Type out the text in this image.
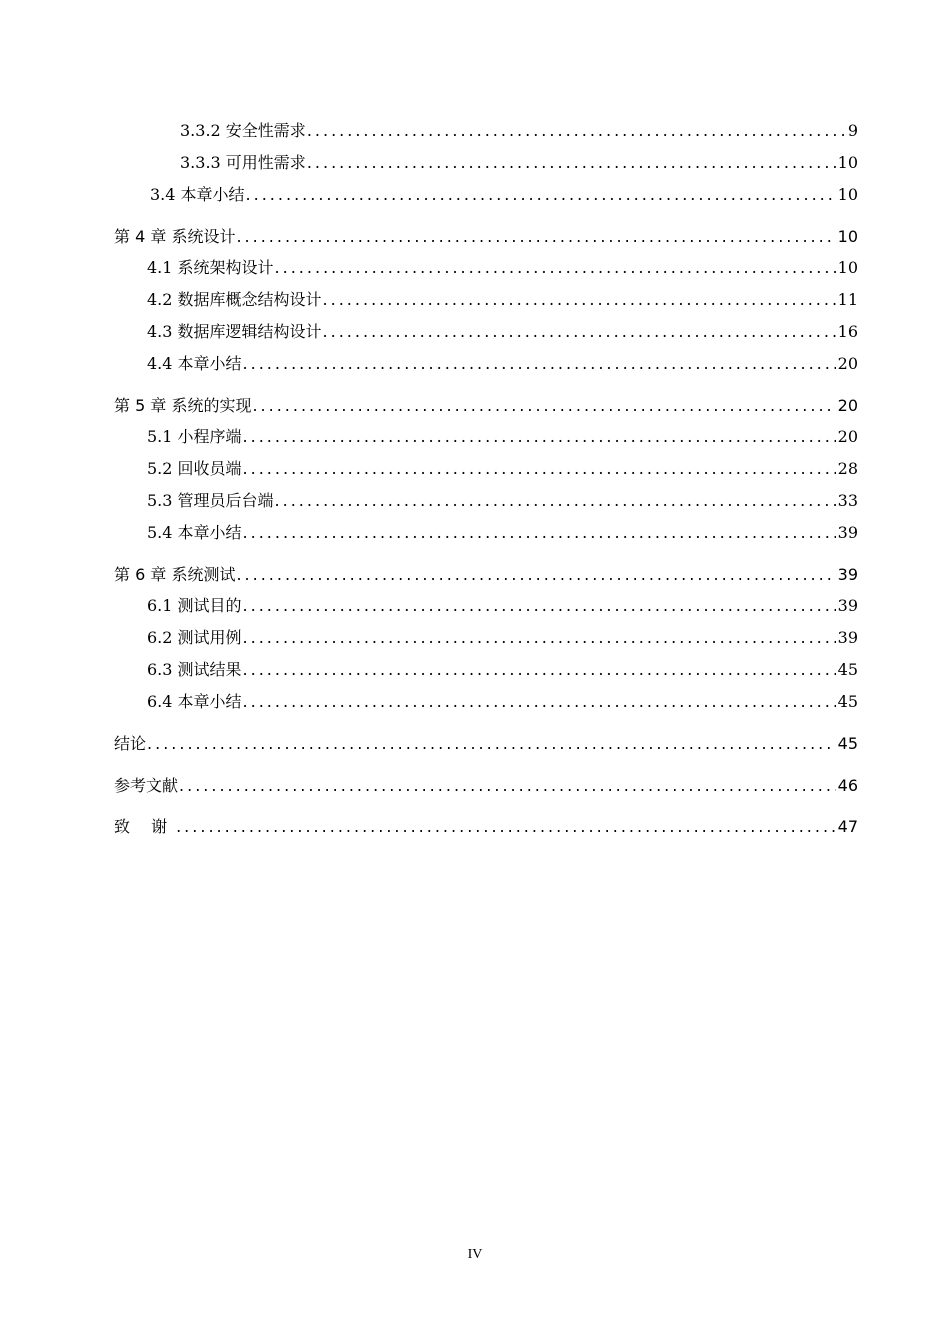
3.3.2 安全性需求 .....	9
3.3.3 可用性需求 .....	10
3.4 本章小结 .....	10
第 4 章 系统设计 .....	10
4.1 系统架构设计 .....	10
4.2 数据库概念结构设计 .....	11
4.3 数据库逻辑结构设计 .....	16
4.4 本章小结 .....	20
第 5 章 系统的实现 .....	20
5.1 小程序端 .....	20
5.2 回收员端 .....	28
5.3 管理员后台端 .....	33
5.4 本章小结 .....	39
第 6 章 系统测试 .....	39
6.1 测试目的 .....	39
6.2 测试用例 .....	39
6.3 测试结果 .....	45
6.4 本章小结 .....	45
结论 .....	45
参考文献 .....	46
致 谢 .....	47
IV
